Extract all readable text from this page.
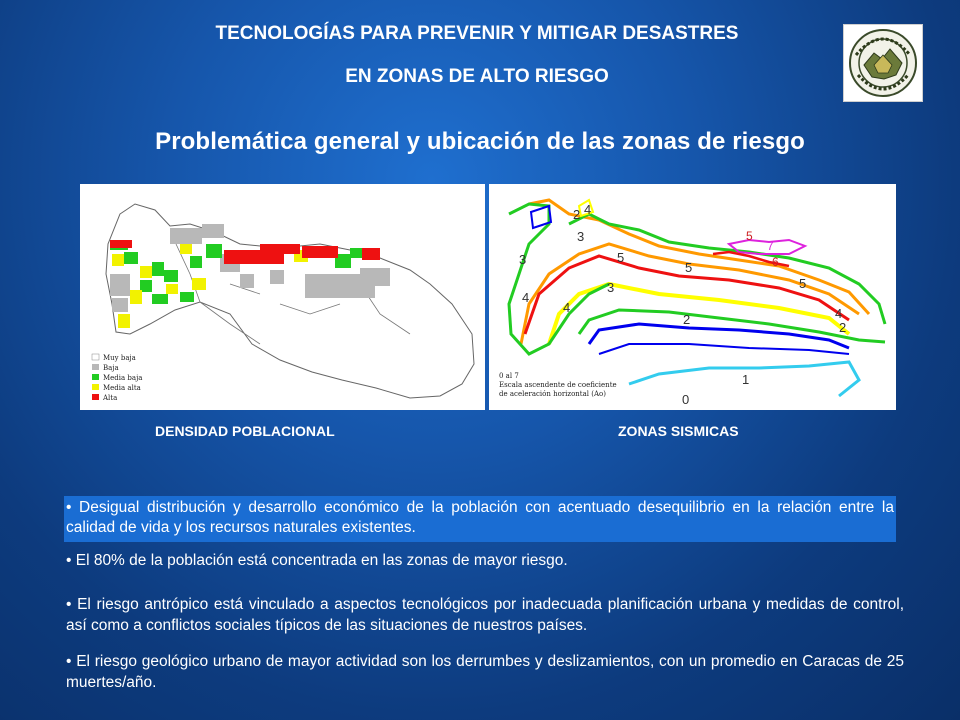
TECNOLOGÍAS PARA PREVENIR Y MITIGAR DESASTRES
EN ZONAS DE ALTO RIESGO
Problemática general y ubicación de las zonas de riesgo
Muy baja
Baja
Media baja
Media alta
Alta
2 4
3
3
4
5
5
6
7
5
5
4	4
3
2
2
1
0
0 al 7
Escala ascendente de coeficiente
de aceleración horizontal (Ao)
DENSIDAD POBLACIONAL	ZONAS SISMICAS
• Desigual distribución y desarrollo económico de la población con acentuado desequilibrio en la relación entre la calidad de vida y los recursos naturales existentes.
• El 80% de la población está concentrada en las zonas de mayor riesgo.
• El riesgo antrópico está vinculado a aspectos tecnológicos por inadecuada planificación urbana y medidas de control, así como a conflictos sociales típicos de las situaciones de nuestros países.
• El riesgo geológico urbano de mayor actividad son los derrumbes y deslizamientos, con un promedio en Caracas de 25 muertes/año.
